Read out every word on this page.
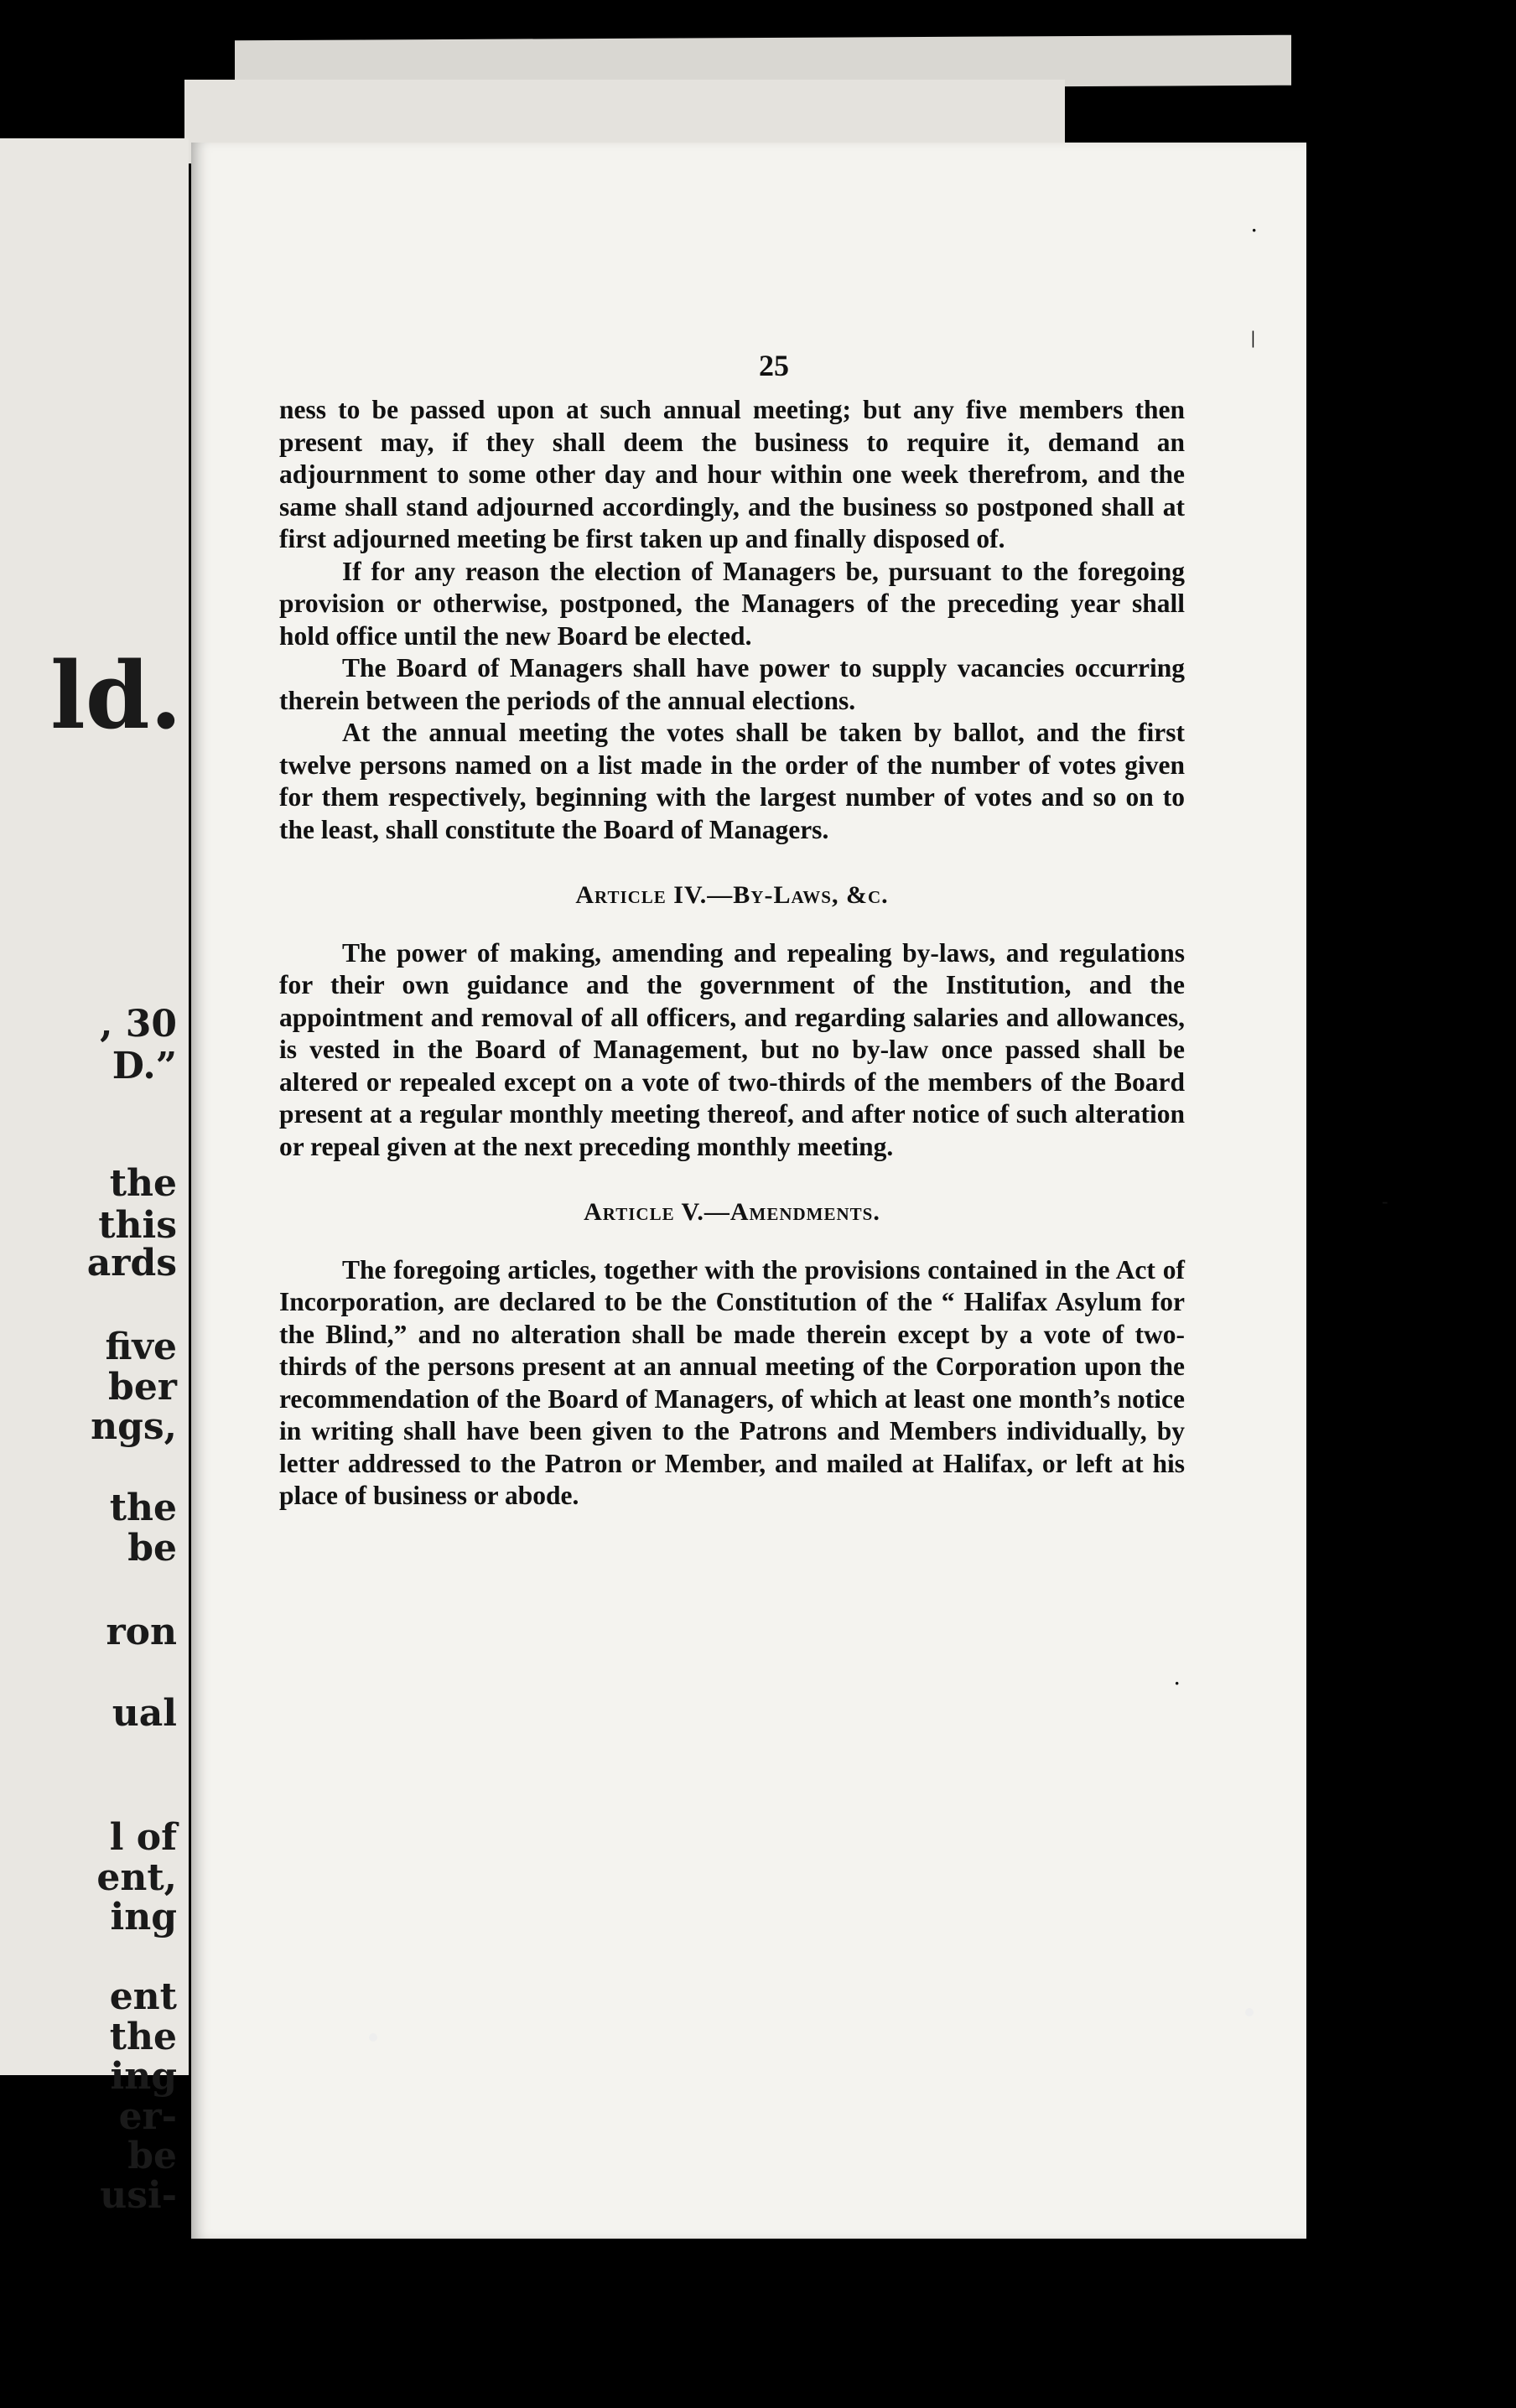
ld.
, 30
D.”
the
this
ards
five
ber
ngs,
the
be
ron
ual
l of
ent,
ing
ent
the
ing
er-
be
usi-
25

ness to be passed upon at such annual meeting; but any five members then present may, if they shall deem the business to require it, demand an adjournment to some other day and hour within one week therefrom, and the same shall stand adjourned accordingly, and the business so postponed shall at first adjourned meeting be first taken up and finally disposed of.

If for any reason the election of Managers be, pursuant to the foregoing provision or otherwise, postponed, the Managers of the preceding year shall hold office until the new Board be elected.

The Board of Managers shall have power to supply vacancies occurring therein between the periods of the annual elections.

At the annual meeting the votes shall be taken by ballot, and the first twelve persons named on a list made in the order of the number of votes given for them respectively, beginning with the largest number of votes and so on to the least, shall constitute the Board of Managers.

Article IV.—By-Laws, &c.

The power of making, amending and repealing by-laws, and regulations for their own guidance and the government of the Institution, and the appointment and removal of all officers, and regarding salaries and allowances, is vested in the Board of Management, but no by-law once passed shall be altered or repealed except on a vote of two-thirds of the members of the Board present at a regular monthly meeting thereof, and after notice of such alteration or repeal given at the next preceding monthly meeting.

Article V.—Amendments.

The foregoing articles, together with the provisions contained in the Act of Incorporation, are declared to be the Constitution of the “ Halifax Asylum for the Blind,” and no alteration shall be made therein except by a vote of two-thirds of the persons present at an annual meeting of the Corporation upon the recommendation of the Board of Managers, of which at least one month’s notice in writing shall have been given to the Patrons and Members individually, by letter addressed to the Patron or Member, and mailed at Halifax, or left at his place of business or abode.

·
-
|
·
